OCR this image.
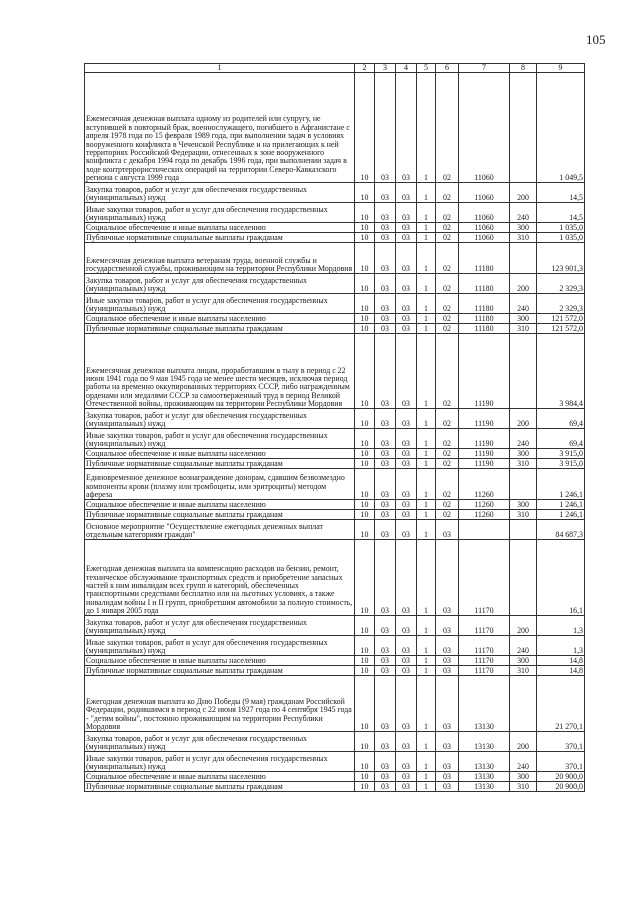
105
1	2	3	4	5	6	7	8	9
Ежемесячная денежная выплата одному из родителей или супругу, не вступившей в повторный брак, военнослужащего, погибшего в Афганистане с апреля 1978 года по 15 февраля 1989 года, при выполнении задач в условиях вооруженного конфликта в Чеченской Республике и на прилегающих к ней территориях Российской Федерации, отнесенных к зоне вооруженного конфликта с декабря 1994 года по декабрь 1996 года, при выполнении задач в ходе контртеррористических операций на территории Северо-Кавказского региона с августа 1999 года	10	03	03	1	02	11060		1 049,5
Закупка товаров, работ и услуг для обеспечения государственных (муниципальных) нужд	10	03	03	1	02	11060	200	14,5
Иные закупки товаров, работ и услуг для обеспечения государственных (муниципальных) нужд	10	03	03	1	02	11060	240	14,5
Социальное обеспечение и иные выплаты населению	10	03	03	1	02	11060	300	1 035,0
Публичные нормативные социальные выплаты гражданам	10	03	03	1	02	11060	310	1 035,0
Ежемесячная денежная выплата ветеранам труда, военной службы и государственной службы, проживающим на территории Республики Мордовия	10	03	03	1	02	11180		123 901,3
Закупка товаров, работ и услуг для обеспечения государственных (муниципальных) нужд	10	03	03	1	02	11180	200	2 329,3
Иные закупки товаров, работ и услуг для обеспечения государственных (муниципальных) нужд	10	03	03	1	02	11180	240	2 329,3
Социальное обеспечение и иные выплаты населению	10	03	03	1	02	11180	300	121 572,0
Публичные нормативные социальные выплаты гражданам	10	03	03	1	02	11180	310	121 572,0
Ежемесячная денежная выплата лицам, проработавшим в тылу в период с 22 июня 1941 года по 9 мая 1945 года не менее шести месяцев, исключая период работы на временно оккупированных территориях СССР, либо награжденным орденами или медалями СССР за самоотверженный труд в период Великой Отечественной войны, проживающим на территории Республики Мордовия	10	03	03	1	02	11190		3 984,4
Закупка товаров, работ и услуг для обеспечения государственных (муниципальных) нужд	10	03	03	1	02	11190	200	69,4
Иные закупки товаров, работ и услуг для обеспечения государственных (муниципальных) нужд	10	03	03	1	02	11190	240	69,4
Социальное обеспечение и иные выплаты населению	10	03	03	1	02	11190	300	3 915,0
Публичные нормативные социальные выплаты гражданам	10	03	03	1	02	11190	310	3 915,0
Единовременное денежное вознаграждение донорам, сдавшим безвозмездно компоненты крови (плазму или тромбоциты, или эритроциты) методом афереза	10	03	03	1	02	11260		1 246,1
Социальное обеспечение и иные выплаты населению	10	03	03	1	02	11260	300	1 246,1
Публичные нормативные социальные выплаты гражданам	10	03	03	1	02	11260	310	1 246,1
Основное мероприятие "Осуществление ежегодных денежных выплат отдельным категориям граждан"	10	03	03	1	03			84 687,3
Ежегодная денежная выплата на компенсацию расходов на бензин, ремонт, техническое обслуживание транспортных средств и приобретение запасных частей к ним инвалидам всех групп и категорий, обеспеченных транспортными средствами бесплатно или на льготных условиях, а также инвалидам войны I и II групп, приобретшим автомобили за полную стоимость, до 1 января 2005 года	10	03	03	1	03	11170		16,1
Закупка товаров, работ и услуг для обеспечения государственных (муниципальных) нужд	10	03	03	1	03	11170	200	1,3
Иные закупки товаров, работ и услуг для обеспечения государственных (муниципальных) нужд	10	03	03	1	03	11170	240	1,3
Социальное обеспечение и иные выплаты населению	10	03	03	1	03	11170	300	14,8
Публичные нормативные социальные выплаты гражданам	10	03	03	1	03	11170	310	14,8
Ежегодная денежная выплата ко Дню Победы (9 мая) гражданам Российской Федерации, родившимся в период с 22 июня 1927 года по 4 сентября 1945 года - "детям войны", постоянно проживающим на территории Республики Мордовия	10	03	03	1	03	13130		21 270,1
Закупка товаров, работ и услуг для обеспечения государственных (муниципальных) нужд	10	03	03	1	03	13130	200	370,1
Иные закупки товаров, работ и услуг для обеспечения государственных (муниципальных) нужд	10	03	03	1	03	13130	240	370,1
Социальное обеспечение и иные выплаты населению	10	03	03	1	03	13130	300	20 900,0
Публичные нормативные социальные выплаты гражданам	10	03	03	1	03	13130	310	20 900,0
